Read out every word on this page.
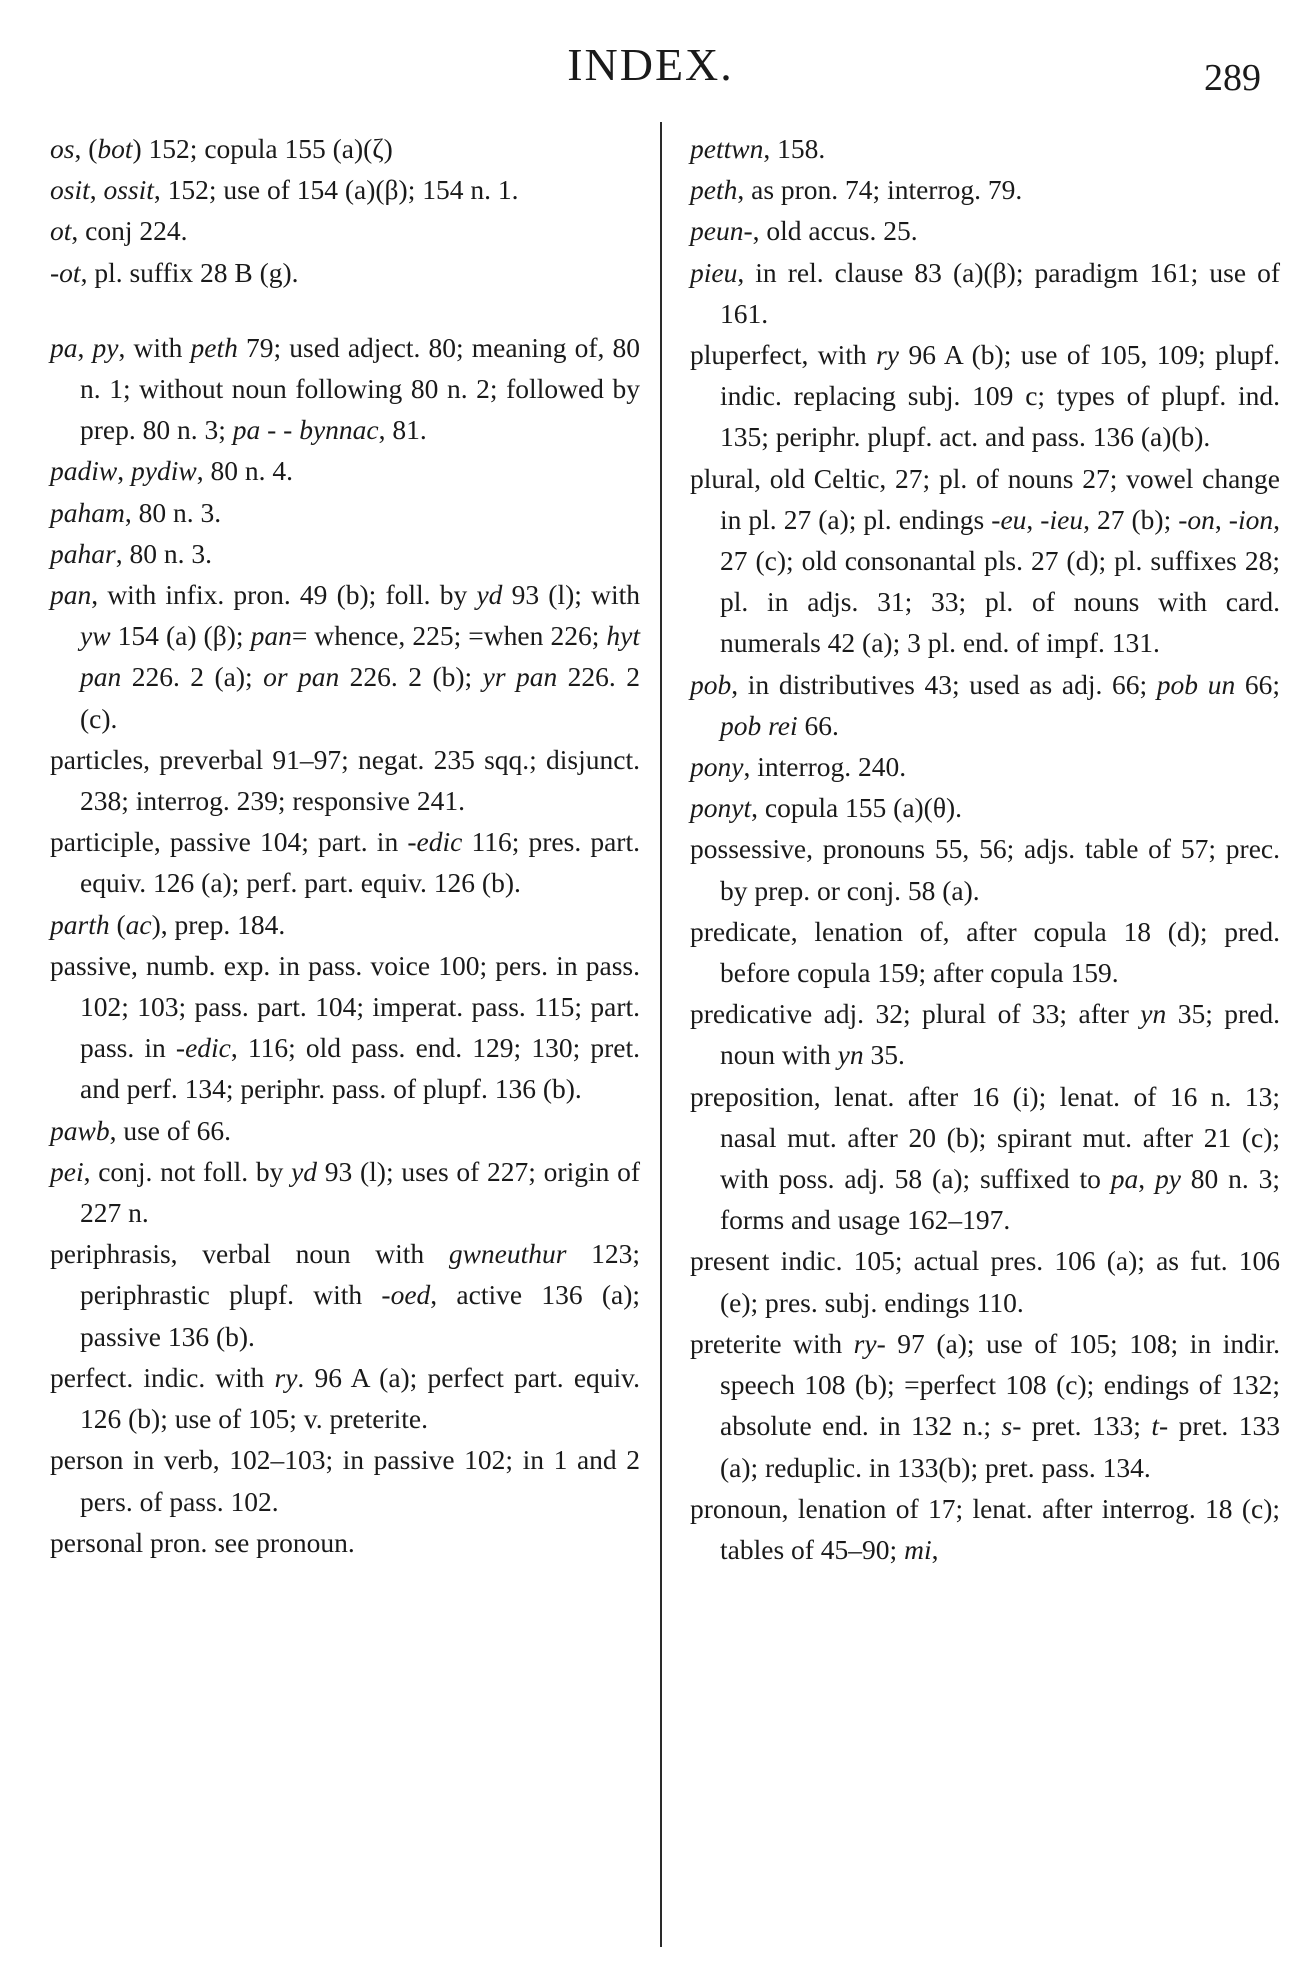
INDEX.	289

os, (bot) 152; copula 155 (a)(ζ)

osit, ossit, 152; use of 154 (a)(β); 154 n. 1.

ot, conj 224.

-ot, pl. suffix 28 B (g).

pa, py, with peth 79; used adject. 80; meaning of, 80 n. 1; without noun following 80 n. 2; followed by prep. 80 n. 3; pa - - bynnac, 81.

padiw, pydiw, 80 n. 4.

paham, 80 n. 3.

pahar, 80 n. 3.

pan, with infix. pron. 49 (b); foll. by yd 93 (l); with yw 154 (a) (β); pan= whence, 225; =when 226; hyt pan 226. 2 (a); or pan 226. 2 (b); yr pan 226. 2 (c).

particles, preverbal 91–97; negat. 235 sqq.; disjunct. 238; interrog. 239; responsive 241.

participle, passive 104; part. in -edic 116; pres. part. equiv. 126 (a); perf. part. equiv. 126 (b).

parth (ac), prep. 184.

passive, numb. exp. in pass. voice 100; pers. in pass. 102; 103; pass. part. 104; imperat. pass. 115; part. pass. in -edic, 116; old pass. end. 129; 130; pret. and perf. 134; periphr. pass. of plupf. 136 (b).

pawb, use of 66.

pei, conj. not foll. by yd 93 (l); uses of 227; origin of 227 n.

periphrasis, verbal noun with gwneuthur 123; periphrastic plupf. with -oed, active 136 (a); passive 136 (b).

perfect. indic. with ry. 96 A (a); perfect part. equiv. 126 (b); use of 105; v. preterite.

person in verb, 102–103; in passive 102; in 1 and 2 pers. of pass. 102.

personal pron. see pronoun.

pettwn, 158.

peth, as pron. 74; interrog. 79.

peun-, old accus. 25.

pieu, in rel. clause 83 (a)(β); paradigm 161; use of 161.

pluperfect, with ry 96 A (b); use of 105, 109; plupf. indic. replacing subj. 109 c; types of plupf. ind. 135; periphr. plupf. act. and pass. 136 (a)(b).

plural, old Celtic, 27; pl. of nouns 27; vowel change in pl. 27 (a); pl. endings -eu, -ieu, 27 (b); -on, -ion, 27 (c); old consonantal pls. 27 (d); pl. suffixes 28; pl. in adjs. 31; 33; pl. of nouns with card. numerals 42 (a); 3 pl. end. of impf. 131.

pob, in distributives 43; used as adj. 66; pob un 66; pob rei 66.

pony, interrog. 240.

ponyt, copula 155 (a)(θ).

possessive, pronouns 55, 56; adjs. table of 57; prec. by prep. or conj. 58 (a).

predicate, lenation of, after copula 18 (d); pred. before copula 159; after copula 159.

predicative adj. 32; plural of 33; after yn 35; pred. noun with yn 35.

preposition, lenat. after 16 (i); lenat. of 16 n. 13; nasal mut. after 20 (b); spirant mut. after 21 (c); with poss. adj. 58 (a); suffixed to pa, py 80 n. 3; forms and usage 162–197.

present indic. 105; actual pres. 106 (a); as fut. 106 (e); pres. subj. endings 110.

preterite with ry- 97 (a); use of 105; 108; in indir. speech 108 (b); =perfect 108 (c); endings of 132; absolute end. in 132 n.; s- pret. 133; t- pret. 133 (a); reduplic. in 133(b); pret. pass. 134.

pronoun, lenation of 17; lenat. after interrog. 18 (c); tables of 45–90; mi,
